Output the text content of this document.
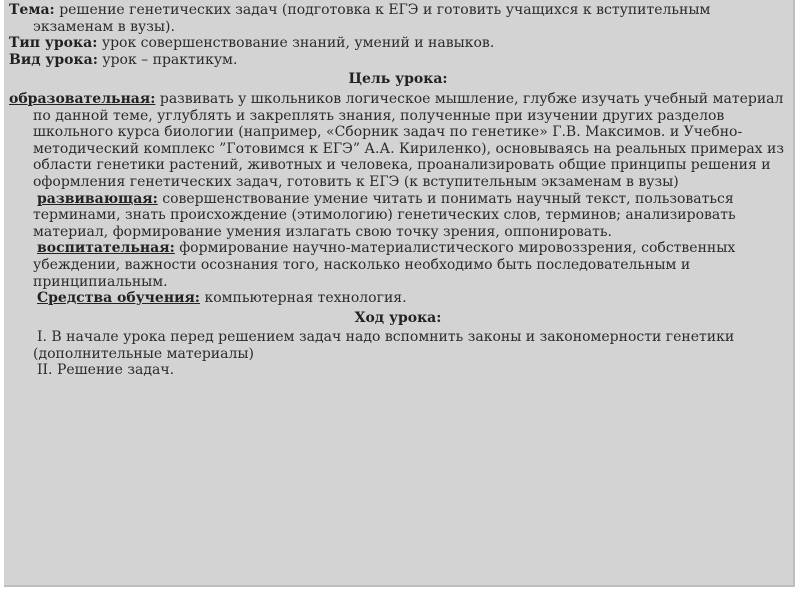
Тема: решение генетических задач (подготовка к ЕГЭ и готовить учащихся к вступительным экзаменам в вузы).

Тип урока: урок совершенствование знаний, умений и навыков.

Вид урока: урок – практикум.

Цель урока:

образовательная: развивать у школьников логическое мышление, глубже изучать учебный материал по данной теме, углублять и закреплять знания, полученные при изучении других разделов школьного курса биологии (например, «Сборник задач по генетике» Г.В. Максимов. и Учебно-методический комплекс ”Готовимся к ЕГЭ” А.А. Кириленко), основываясь на реальных примерах из области генетики растений, животных и человека, проанализировать общие принципы решения и оформления генетических задач, готовить к ЕГЭ (к вступительным экзаменам в вузы)

развивающая: совершенствование умение читать и понимать научный текст, пользоваться терминами, знать происхождение (этимологию) генетических слов, терминов; анализировать материал, формирование умения излагать свою точку зрения, оппонировать.

воспитательная: формирование научно-материалистического мировоззрения, собственных убеждении, важности осознания того, насколько необходимо быть последовательным и принципиальным.

Средства обучения: компьютерная технология.

Ход урока:

I. В начале урока перед решением задач надо вспомнить законы и закономерности генетики (дополнительные материалы)

II. Решение задач.
